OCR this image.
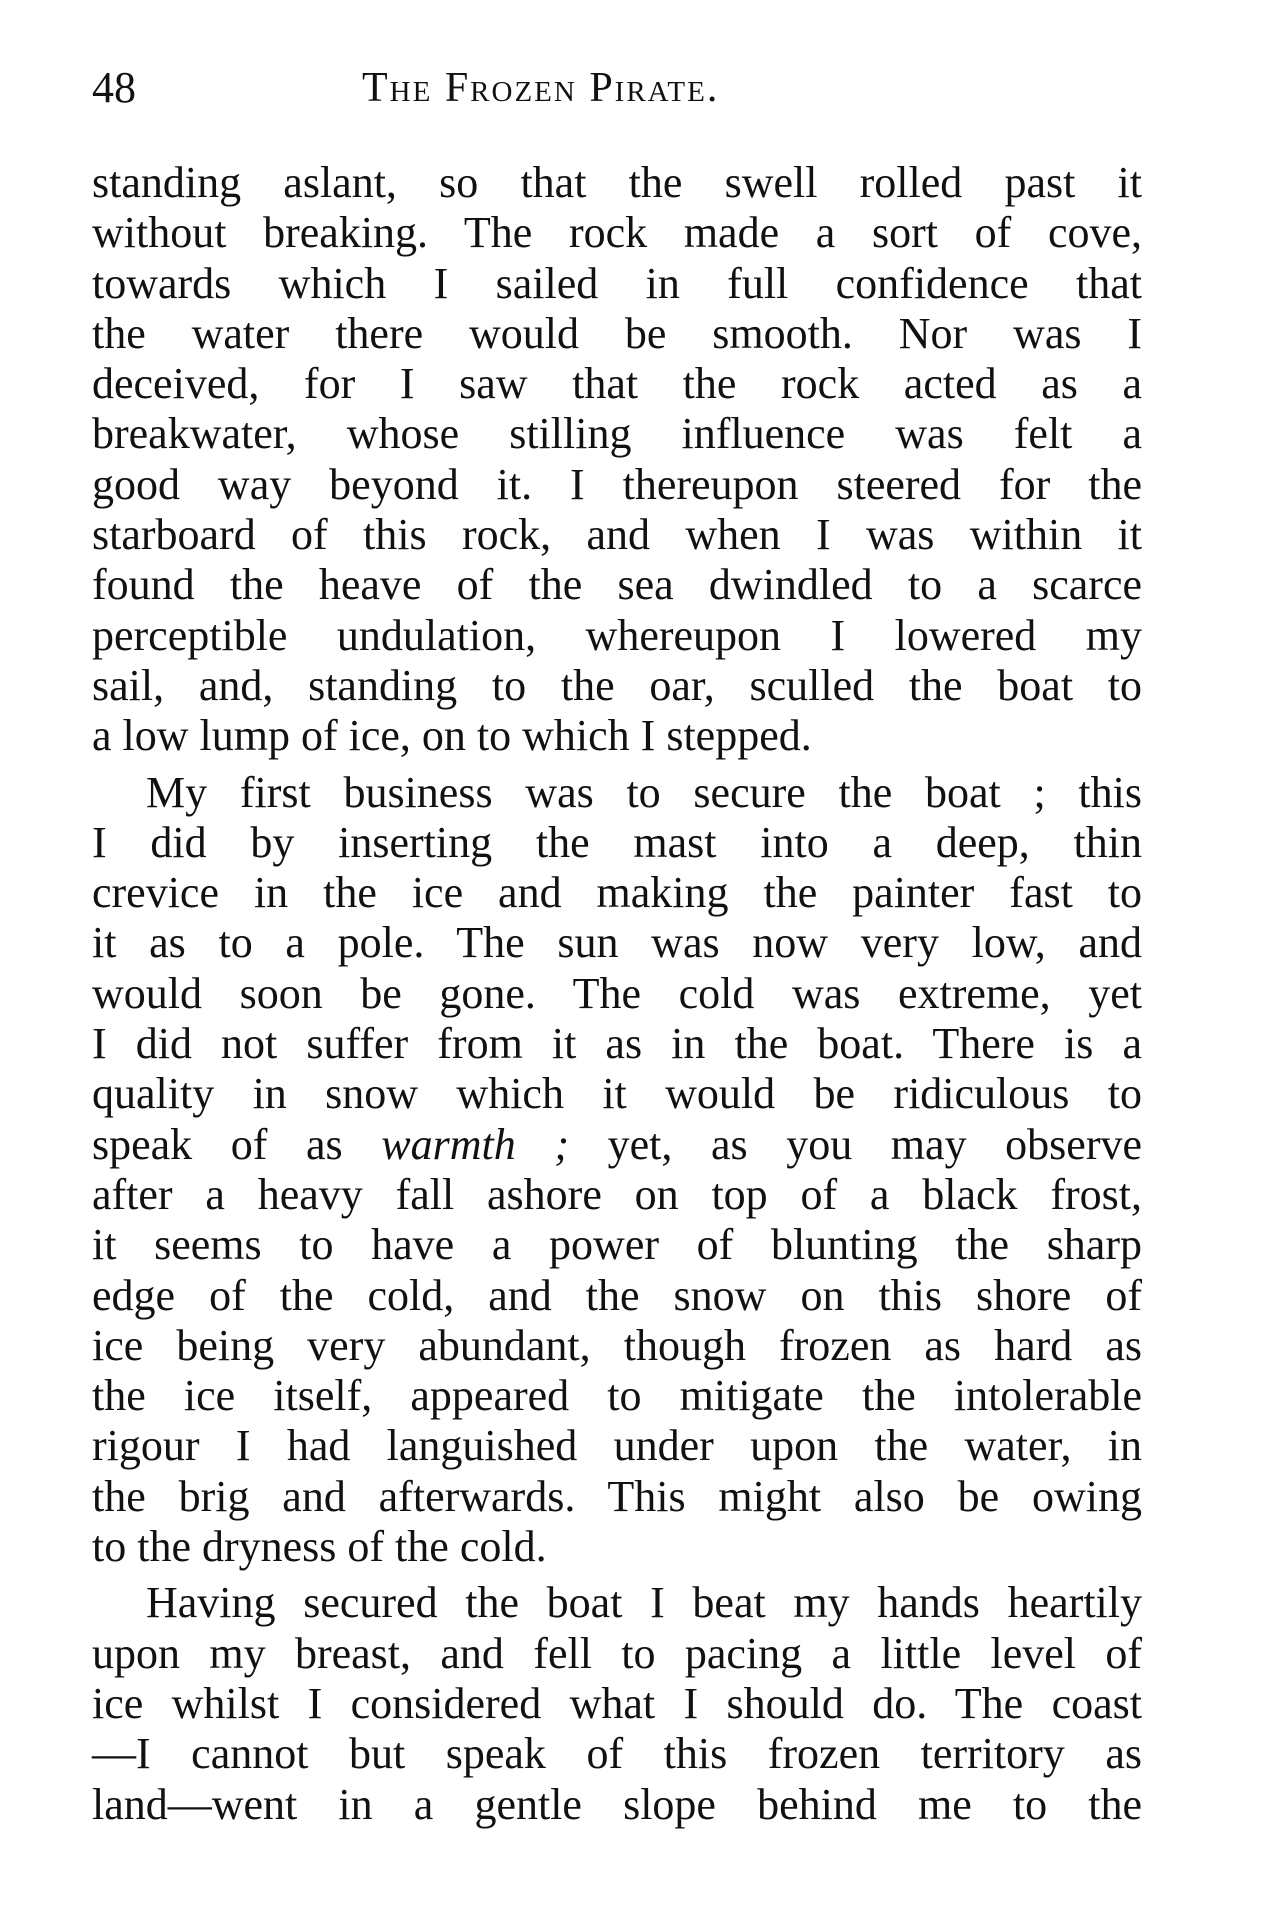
48	The Frozen Pirate.
standing aslant, so that the swell rolled past it
without breaking. The rock made a sort of cove,
towards which I sailed in full confidence that
the water there would be smooth. Nor was I
deceived, for I saw that the rock acted as a
breakwater, whose stilling influence was felt a
good way beyond it. I thereupon steered for the
starboard of this rock, and when I was within it
found the heave of the sea dwindled to a scarce
perceptible undulation, whereupon I lowered my
sail, and, standing to the oar, sculled the boat to
a low lump of ice, on to which I stepped.
My first business was to secure the boat ; this
I did by inserting the mast into a deep, thin
crevice in the ice and making the painter fast to
it as to a pole. The sun was now very low, and
would soon be gone. The cold was extreme, yet
I did not suffer from it as in the boat. There is a
quality in snow which it would be ridiculous to
speak of as warmth ; yet, as you may observe
after a heavy fall ashore on top of a black frost,
it seems to have a power of blunting the sharp
edge of the cold, and the snow on this shore of
ice being very abundant, though frozen as hard as
the ice itself, appeared to mitigate the intolerable
rigour I had languished under upon the water, in
the brig and afterwards. This might also be owing
to the dryness of the cold.
Having secured the boat I beat my hands heartily
upon my breast, and fell to pacing a little level of
ice whilst I considered what I should do. The coast
—I cannot but speak of this frozen territory as
land—went in a gentle slope behind me to the
